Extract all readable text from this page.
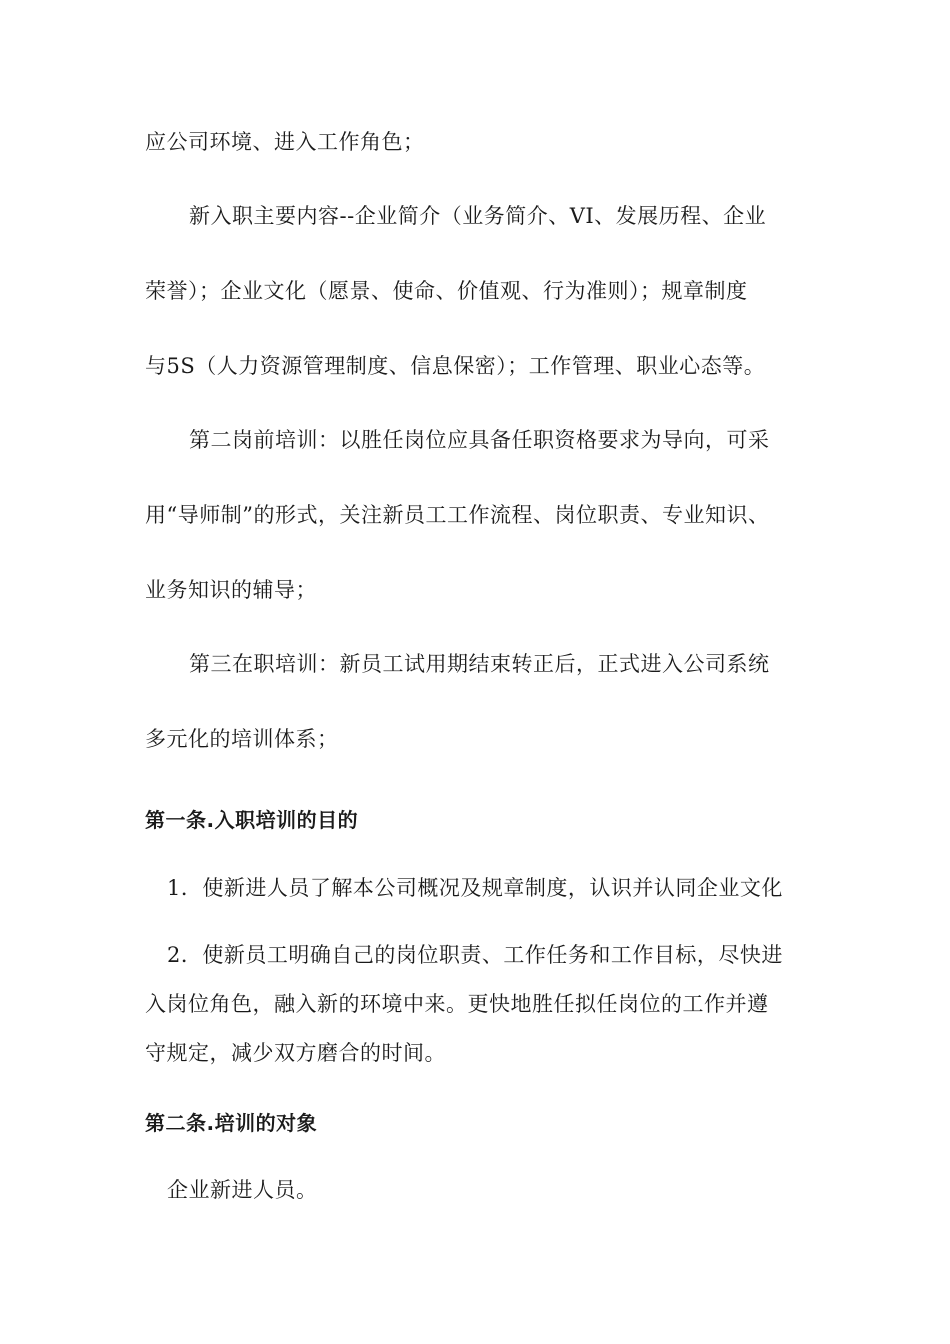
应公司环境、进入工作角色；
新入职主要内容--企业简介（业务简介、VI、发展历程、企业
荣誉）；企业文化（愿景、使命、价值观、行为准则）；规章制度
与5S（人力资源管理制度、信息保密）；工作管理、职业心态等。
第二岗前培训：以胜任岗位应具备任职资格要求为导向，可采
用“导师制”的形式，关注新员工工作流程、岗位职责、专业知识、
业务知识的辅导；
第三在职培训：新员工试用期结束转正后，正式进入公司系统
多元化的培训体系；
第一条.入职培训的目的
1．使新进人员了解本公司概况及规章制度，认识并认同企业文化
2．使新员工明确自己的岗位职责、工作任务和工作目标，尽快进
入岗位角色，融入新的环境中来。更快地胜任拟任岗位的工作并遵
守规定，减少双方磨合的时间。
第二条.培训的对象
企业新进人员。
